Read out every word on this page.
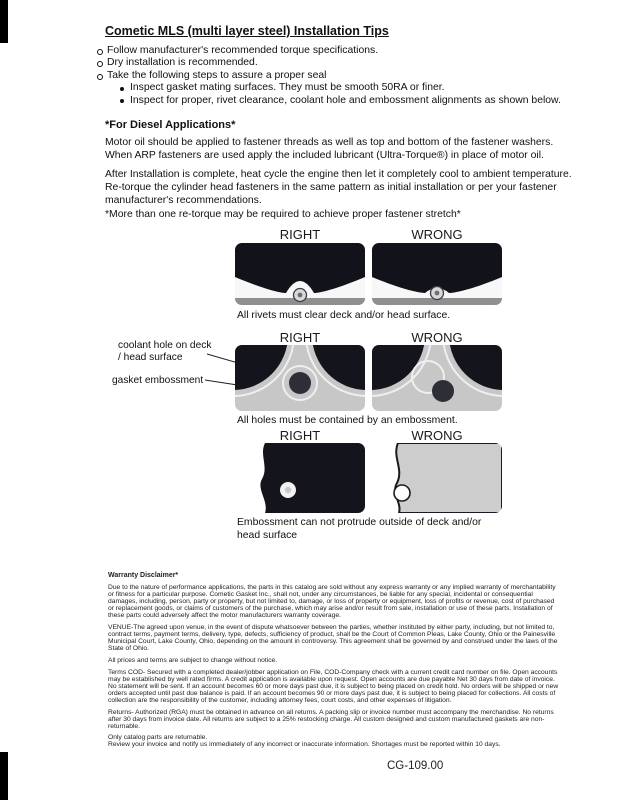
Cometic MLS (multi layer steel) Installation Tips
Follow manufacturer's recommended torque specifications.
Dry installation is recommended.
Take the following steps to assure a proper seal
Inspect gasket mating surfaces. They must be smooth 50RA or finer.
Inspect for proper, rivet clearance, coolant hole and embossment alignments as shown below.
*For Diesel Applications*
Motor oil should be applied to fastener threads as well as top and bottom of the fastener washers. When ARP fasteners are used apply the included lubricant (Ultra-Torque®) in place of motor oil.
After Installation is complete, heat cycle the engine then let it completely cool to ambient temperature. Re-torque the cylinder head fasteners in the same pattern as initial installation or per your fastener manufacturer's recommendations.
*More than one re-torque may be required to achieve proper fastener stretch*
RIGHT	WRONG
All rivets must clear deck and/or head surface.
RIGHT	WRONG
coolant hole on deck / head surface
gasket embossment
All holes must be contained by an embossment.
RIGHT	WRONG
Embossment can not protrude outside of deck and/or head surface
Warranty Disclaimer*
Due to the nature of performance applications, the parts in this catalog are sold without any express warranty or any implied warranty of merchantability or fitness for a particular purpose. Cometic Gasket Inc., shall not, under any circumstances, be liable for any special, incidental or consequential damages, including, person, party or property, but not limited to, damage, or loss of property or equipment, loss of profits or revenue, cost of purchased or replacement goods, or claims of customers of the purchase, which may arise and/or result from sale, installation or use of these parts. Installation of these parts could adversely affect the motor manufacturers warranty coverage.
VENUE-The agreed upon venue, in the event of dispute whatsoever between the parties, whether instituted by either party, including, but not limited to, contract terms, payment terms, delivery, type, defects, sufficiency of product, shall be the Court of Common Pleas, Lake County, Ohio or the Painesville Municipal Court, Lake County, Ohio, depending on the amount in controversy. This agreement shall be governed by and construed under the laws of the State of Ohio.
All prices and terms are subject to change without notice.
Terms COD- Secured with a completed dealer/jobber application on File, COD-Company check with a current credit card number on file. Open accounts may be established by well rated firms. A credit application is available upon request. Open accounts are due payable Net 30 days from date of invoice. No statement will be sent. If an account becomes 60 or more days past due, it is subject to being placed on credit hold. No orders will be shipped or new orders accepted until past due balance is paid. If an account becomes 90 or more days past due, it is subject to being placed for collections. All costs of collection are the responsibility of the customer, including attorney fees, court costs, and other expenses of litigation.
Returns- Authorized (RGA) must be obtained in advance on all returns. A packing slip or invoice number must accompany the merchandise. No returns after 30 days from invoice date. All returns are subject to a 25% restocking charge. All custom designed and custom manufactured gaskets are non-returnable.
Only catalog parts are returnable.
Review your invoice and notify us immediately of any incorrect or inaccurate information. Shortages must be reported within 10 days.
CG-109.00
